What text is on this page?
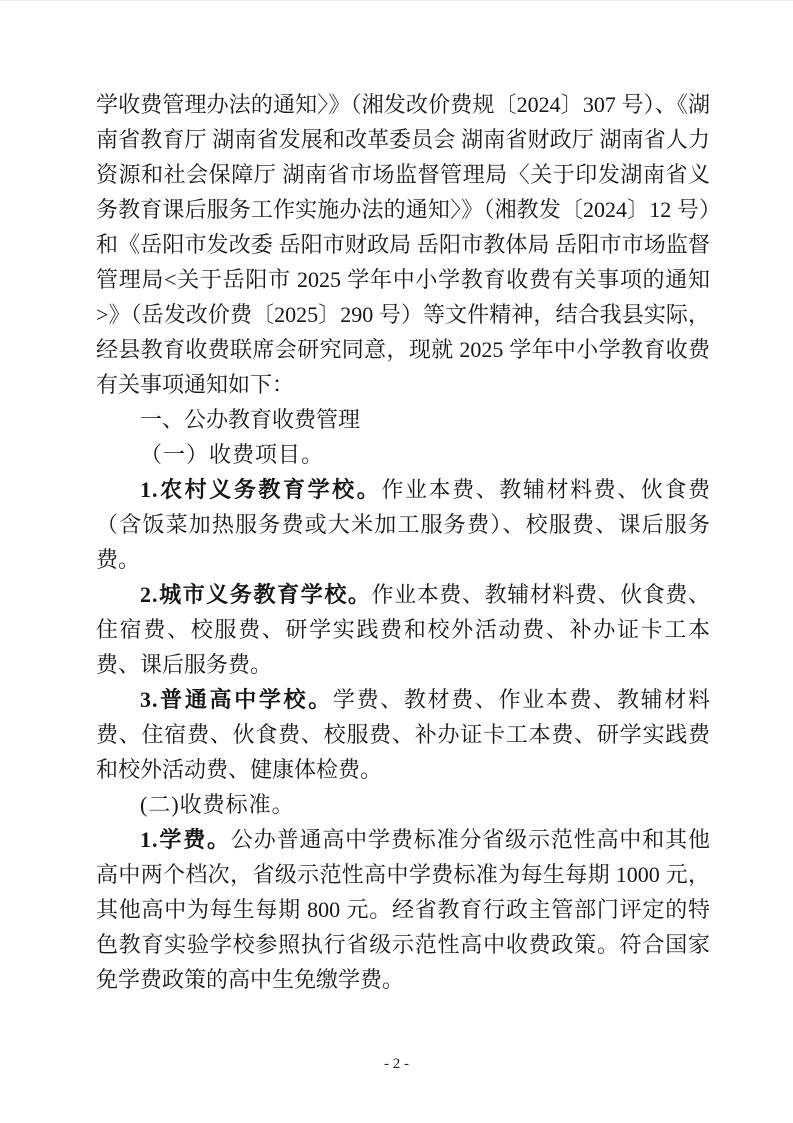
学收费管理办法的通知〉》（湘发改价费规〔2024〕307 号）、《湖南省教育厅 湖南省发展和改革委员会 湖南省财政厅 湖南省人力资源和社会保障厅 湖南省市场监督管理局〈关于印发湖南省义务教育课后服务工作实施办法的通知〉》（湘教发〔2024〕12 号）和《岳阳市发改委 岳阳市财政局 岳阳市教体局 岳阳市市场监督管理局<关于岳阳市 2025 学年中小学教育收费有关事项的通知>》（岳发改价费〔2025〕290 号）等文件精神，结合我县实际，经县教育收费联席会研究同意，现就 2025 学年中小学教育收费有关事项通知如下：

一、公办教育收费管理
（一）收费项目。

1.农村义务教育学校。作业本费、教辅材料费、伙食费（含饭菜加热服务费或大米加工服务费）、校服费、课后服务费。

2.城市义务教育学校。作业本费、教辅材料费、伙食费、住宿费、校服费、研学实践费和校外活动费、补办证卡工本费、课后服务费。

3.普通高中学校。学费、教材费、作业本费、教辅材料费、住宿费、伙食费、校服费、补办证卡工本费、研学实践费和校外活动费、健康体检费。

(二)收费标准。

1.学费。公办普通高中学费标准分省级示范性高中和其他高中两个档次，省级示范性高中学费标准为每生每期 1000 元，其他高中为每生每期 800 元。经省教育行政主管部门评定的特色教育实验学校参照执行省级示范性高中收费政策。符合国家免学费政策的高中生免缴学费。

- 2 -
